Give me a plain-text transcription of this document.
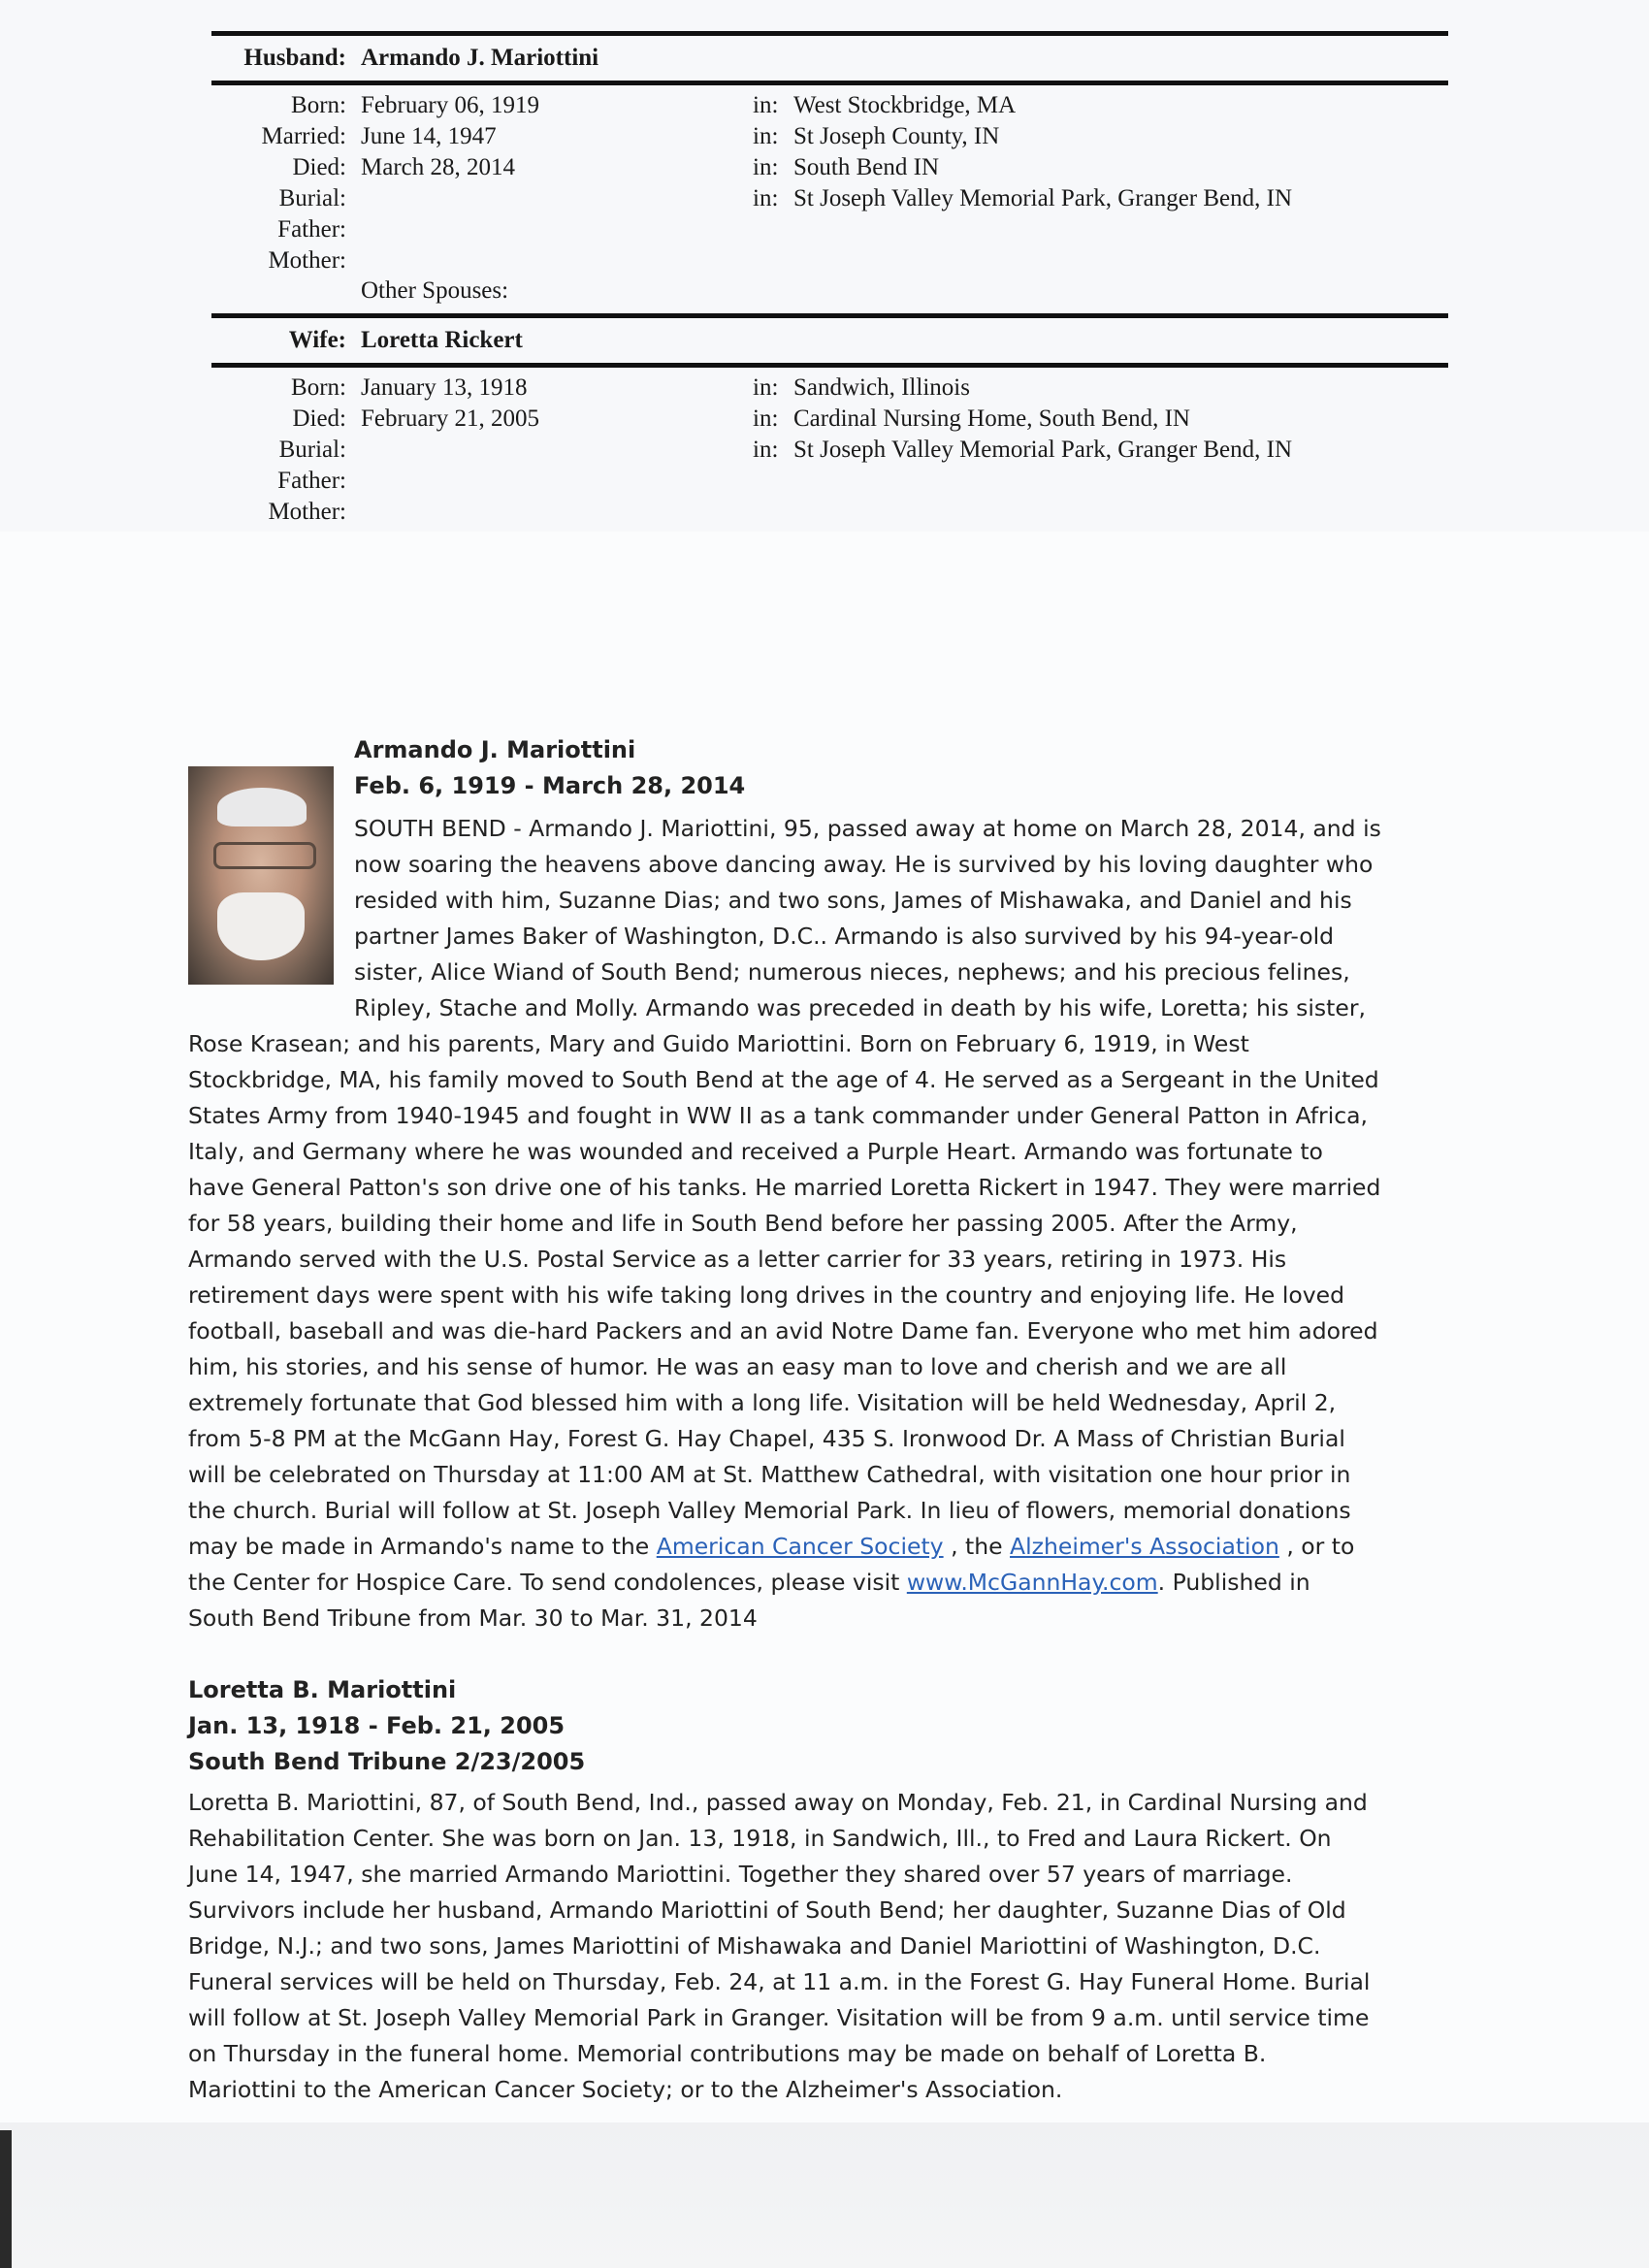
Husband: Armando J. Mariottini
Born: February 06, 1919	in: West Stockbridge, MA
Married: June 14, 1947	in: St Joseph County, IN
Died: March 28, 2014	in: South Bend IN
Burial:	in: St Joseph Valley Memorial Park, Granger Bend, IN
Father:
Mother:
Other Spouses:
Wife: Loretta Rickert
Born: January 13, 1918	in: Sandwich, Illinois
Died: February 21, 2005	in: Cardinal Nursing Home, South Bend, IN
Burial:	in: St Joseph Valley Memorial Park, Granger Bend, IN
Father:
Mother:
Armando J. Mariottini
Feb. 6, 1919 - March 28, 2014
SOUTH BEND - Armando J. Mariottini, 95, passed away at home on March 28, 2014, and is
now soaring the heavens above dancing away. He is survived by his loving daughter who
resided with him, Suzanne Dias; and two sons, James of Mishawaka, and Daniel and his
partner James Baker of Washington, D.C.. Armando is also survived by his 94-year-old
sister, Alice Wiand of South Bend; numerous nieces, nephews; and his precious felines,
Ripley, Stache and Molly. Armando was preceded in death by his wife, Loretta; his sister,
Rose Krasean; and his parents, Mary and Guido Mariottini. Born on February 6, 1919, in West
Stockbridge, MA, his family moved to South Bend at the age of 4. He served as a Sergeant in the United
States Army from 1940-1945 and fought in WW II as a tank commander under General Patton in Africa,
Italy, and Germany where he was wounded and received a Purple Heart. Armando was fortunate to
have General Patton's son drive one of his tanks. He married Loretta Rickert in 1947. They were married
for 58 years, building their home and life in South Bend before her passing 2005. After the Army,
Armando served with the U.S. Postal Service as a letter carrier for 33 years, retiring in 1973. His
retirement days were spent with his wife taking long drives in the country and enjoying life. He loved
football, baseball and was die-hard Packers and an avid Notre Dame fan. Everyone who met him adored
him, his stories, and his sense of humor. He was an easy man to love and cherish and we are all
extremely fortunate that God blessed him with a long life. Visitation will be held Wednesday, April 2,
from 5-8 PM at the McGann Hay, Forest G. Hay Chapel, 435 S. Ironwood Dr. A Mass of Christian Burial
will be celebrated on Thursday at 11:00 AM at St. Matthew Cathedral, with visitation one hour prior in
the church. Burial will follow at St. Joseph Valley Memorial Park. In lieu of flowers, memorial donations
may be made in Armando's name to the American Cancer Society , the Alzheimer's Association , or to
the Center for Hospice Care. To send condolences, please visit www.McGannHay.com. Published in
South Bend Tribune from Mar. 30 to Mar. 31, 2014
Loretta B. Mariottini
Jan. 13, 1918 - Feb. 21, 2005
South Bend Tribune 2/23/2005
Loretta B. Mariottini, 87, of South Bend, Ind., passed away on Monday, Feb. 21, in Cardinal Nursing and
Rehabilitation Center. She was born on Jan. 13, 1918, in Sandwich, Ill., to Fred and Laura Rickert. On
June 14, 1947, she married Armando Mariottini. Together they shared over 57 years of marriage.
Survivors include her husband, Armando Mariottini of South Bend; her daughter, Suzanne Dias of Old
Bridge, N.J.; and two sons, James Mariottini of Mishawaka and Daniel Mariottini of Washington, D.C.
Funeral services will be held on Thursday, Feb. 24, at 11 a.m. in the Forest G. Hay Funeral Home. Burial
will follow at St. Joseph Valley Memorial Park in Granger. Visitation will be from 9 a.m. until service time
on Thursday in the funeral home. Memorial contributions may be made on behalf of Loretta B.
Mariottini to the American Cancer Society; or to the Alzheimer's Association.
